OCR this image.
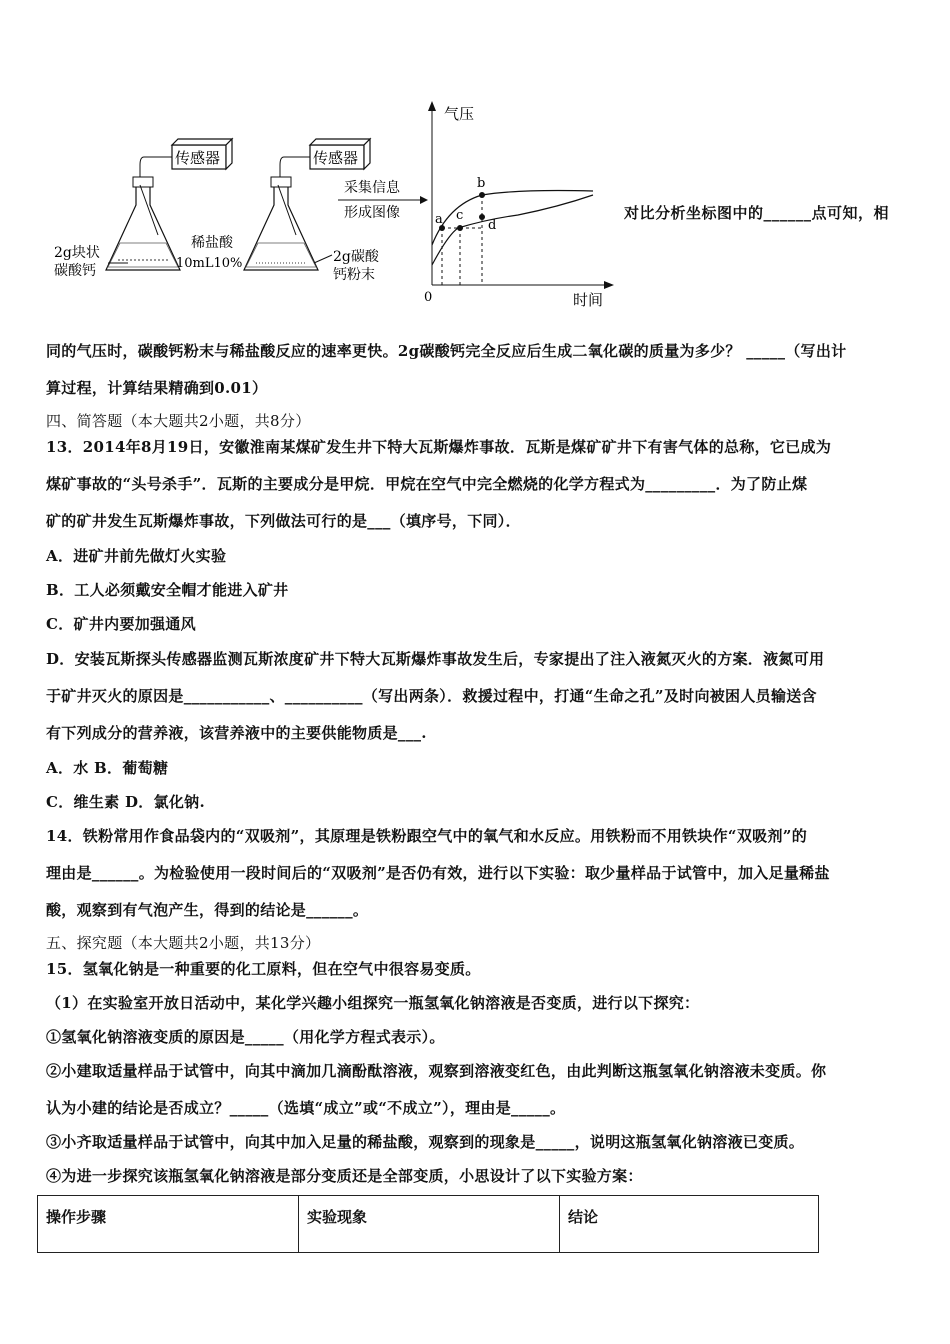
传感器	传感器
2g块状
碳酸钙
稀盐酸
10mL10%	2g碳酸
钙粉末
采集信息
形成图像
气压
时间
0
a c
b
d
对比分析坐标图中的______点可知，相
同的气压时，碳酸钙粉末与稀盐酸反应的速率更快。2g碳酸钙完全反应后生成二氧化碳的质量为多少？ _____（写出计
算过程，计算结果精确到0.01）
四、简答题（本大题共2小题，共8分）
13．2014年8月19日，安徽淮南某煤矿发生井下特大瓦斯爆炸事故．瓦斯是煤矿矿井下有害气体的总称，它已成为
煤矿事故的“头号杀手”．瓦斯的主要成分是甲烷．甲烷在空气中完全燃烧的化学方程式为_________．为了防止煤
矿的矿井发生瓦斯爆炸事故，下列做法可行的是___（填序号，下同）．
A．进矿井前先做灯火实验
B．工人必须戴安全帽才能进入矿井
C．矿井内要加强通风
D．安装瓦斯探头传感器监测瓦斯浓度矿井下特大瓦斯爆炸事故发生后，专家提出了注入液氮灭火的方案．液氮可用
于矿井灭火的原因是___________、__________（写出两条）．救援过程中，打通“生命之孔”及时向被困人员输送含
有下列成分的营养液，该营养液中的主要供能物质是___.
A．水 B．葡萄糖
C．维生素 D．氯化钠.
14．铁粉常用作食品袋内的“双吸剂”，其原理是铁粉跟空气中的氧气和水反应。用铁粉而不用铁块作“双吸剂”的
理由是______。为检验使用一段时间后的“双吸剂”是否仍有效，进行以下实验：取少量样品于试管中，加入足量稀盐
酸，观察到有气泡产生，得到的结论是______。
五、探究题（本大题共2小题，共13分）
15．氢氧化钠是一种重要的化工原料，但在空气中很容易变质。
（1）在实验室开放日活动中，某化学兴趣小组探究一瓶氢氧化钠溶液是否变质，进行以下探究：
①氢氧化钠溶液变质的原因是_____（用化学方程式表示）。
②小建取适量样品于试管中，向其中滴加几滴酚酞溶液，观察到溶液变红色，由此判断这瓶氢氧化钠溶液未变质。你
认为小建的结论是否成立？_____（选填“成立”或“不成立”），理由是_____。
③小齐取适量样品于试管中，向其中加入足量的稀盐酸，观察到的现象是_____，说明这瓶氢氧化钠溶液已变质。
④为进一步探究该瓶氢氧化钠溶液是部分变质还是全部变质，小思设计了以下实验方案：
操作步骤	实验现象	结论
